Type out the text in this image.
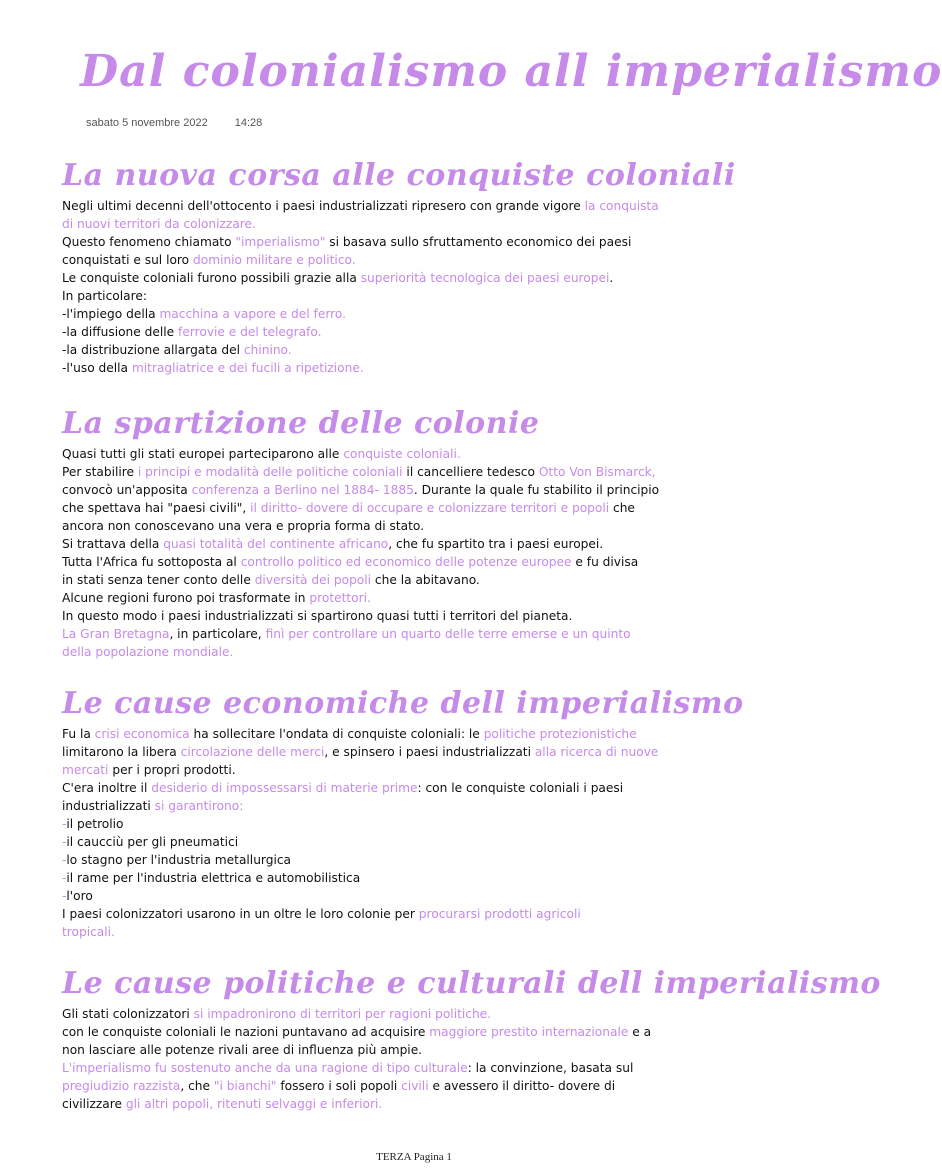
Dal colonialismo all imperialismo
sabato 5 novembre 2022 14:28
La nuova corsa alle conquiste coloniali

Negli ultimi decenni dell'ottocento i paesi industrializzati ripresero con grande vigore la conquista

di nuovi territori da colonizzare.

Questo fenomeno chiamato "imperialismo" si basava sullo sfruttamento economico dei paesi

conquistati e sul loro dominio militare e politico.

Le conquiste coloniali furono possibili grazie alla superiorità tecnologica dei paesi europei.

In particolare:

-l'impiego della macchina a vapore e del ferro.

-la diffusione delle ferrovie e del telegrafo.

-la distribuzione allargata del chinino.

-l'uso della mitragliatrice e dei fucili a ripetizione.

La spartizione delle colonie

Quasi tutti gli stati europei parteciparono alle conquiste coloniali.

Per stabilire i principi e modalità delle politiche coloniali il cancelliere tedesco Otto Von Bismarck,

convocò un'apposita conferenza a Berlino nel 1884- 1885. Durante la quale fu stabilito il principio

che spettava hai "paesi civili", il diritto- dovere di occupare e colonizzare territori e popoli che

ancora non conoscevano una vera e propria forma di stato.

Si trattava della quasi totalità del continente africano, che fu spartito tra i paesi europei.

Tutta l'Africa fu sottoposta al controllo politico ed economico delle potenze europee e fu divisa

in stati senza tener conto delle diversità dei popoli che la abitavano.

Alcune regioni furono poi trasformate in protettori.

In questo modo i paesi industrializzati si spartirono quasi tutti i territori del pianeta.

La Gran Bretagna, in particolare, finì per controllare un quarto delle terre emerse e un quinto

della popolazione mondiale.

Le cause economiche dell imperialismo

Fu la crisi economica ha sollecitare l'ondata di conquiste coloniali: le politiche protezionistiche

limitarono la libera circolazione delle merci, e spinsero i paesi industrializzati alla ricerca di nuove

mercati per i propri prodotti.

C'era inoltre il desiderio di impossessarsi di materie prime: con le conquiste coloniali i paesi

industrializzati si garantirono:

-il petrolio

-il caucciù per gli pneumatici

-lo stagno per l'industria metallurgica

-il rame per l'industria elettrica e automobilistica

-l'oro

I paesi colonizzatori usarono in un oltre le loro colonie per procurarsi prodotti agricoli

tropicali.

Le cause politiche e culturali dell imperialismo

Gli stati colonizzatori si impadronirono di territori per ragioni politiche.

con le conquiste coloniali le nazioni puntavano ad acquisire maggiore prestito internazionale e a

non lasciare alle potenze rivali aree di influenza più ampie.

L'imperialismo fu sostenuto anche da una ragione di tipo culturale: la convinzione, basata sul

pregiudizio razzista, che "i bianchi" fossero i soli popoli civili e avessero il diritto- dovere di

civilizzare gli altri popoli, ritenuti selvaggi e inferiori.

TERZA Pagina 1
